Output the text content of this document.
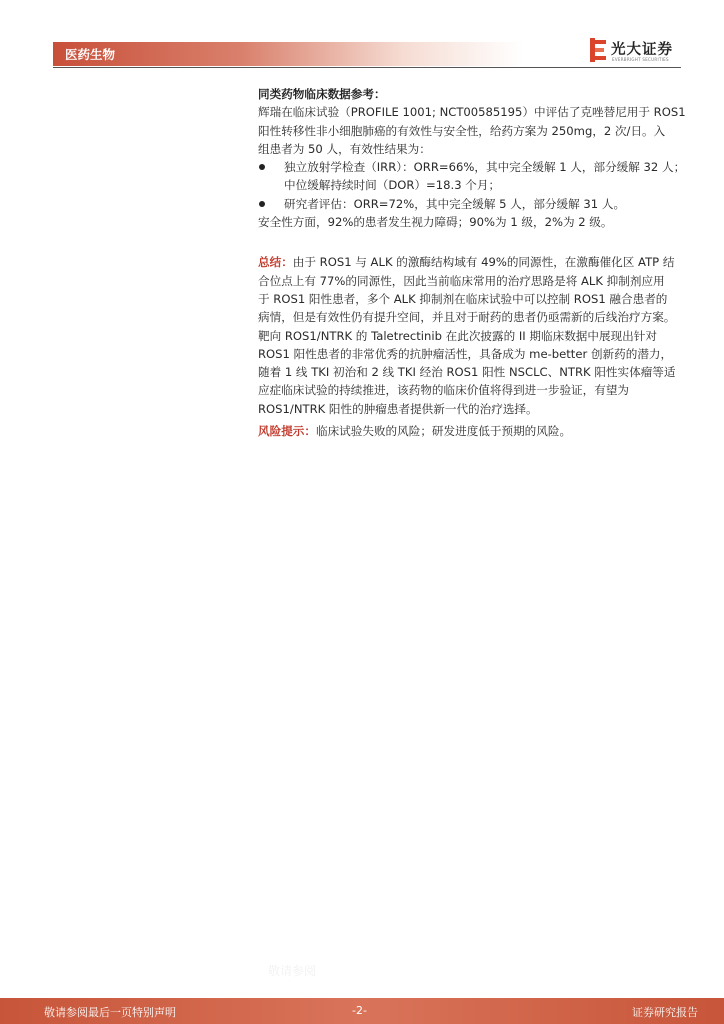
医药生物	光大证券
EVERBRIGHT SECURITIES

同类药物临床数据参考：

辉瑞在临床试验（PROFILE 1001; NCT00585195）中评估了克唑替尼用于 ROS1

阳性转移性非小细胞肺癌的有效性与安全性，给药方案为 250mg，2 次/日。入

组患者为 50 人，有效性结果为：

独立放射学检查（IRR）：ORR=66%，其中完全缓解 1 人，部分缓解 32 人；

中位缓解持续时间（DOR）=18.3 个月；

研究者评估：ORR=72%，其中完全缓解 5 人，部分缓解 31 人。

安全性方面，92%的患者发生视力障碍；90%为 1 级，2%为 2 级。

总结：由于 ROS1 与 ALK 的激酶结构域有 49%的同源性，在激酶催化区 ATP 结

合位点上有 77%的同源性，因此当前临床常用的治疗思路是将 ALK 抑制剂应用

于 ROS1 阳性患者，多个 ALK 抑制剂在临床试验中可以控制 ROS1 融合患者的

病情，但是有效性仍有提升空间，并且对于耐药的患者仍亟需新的后线治疗方案。

靶向 ROS1/NTRK 的 Taletrectinib 在此次披露的 II 期临床数据中展现出针对

ROS1 阳性患者的非常优秀的抗肿瘤活性，具备成为 me-better 创新药的潜力，

随着 1 线 TKI 初治和 2 线 TKI 经治 ROS1 阳性 NSCLC、NTRK 阳性实体瘤等适

应症临床试验的持续推进，该药物的临床价值将得到进一步验证，有望为

ROS1/NTRK 阳性的肿瘤患者提供新一代的治疗选择。

风险提示：临床试验失败的风险；研发进度低于预期的风险。

敬请参阅
敬请参阅最后一页特别声明	-2-	证券研究报告
